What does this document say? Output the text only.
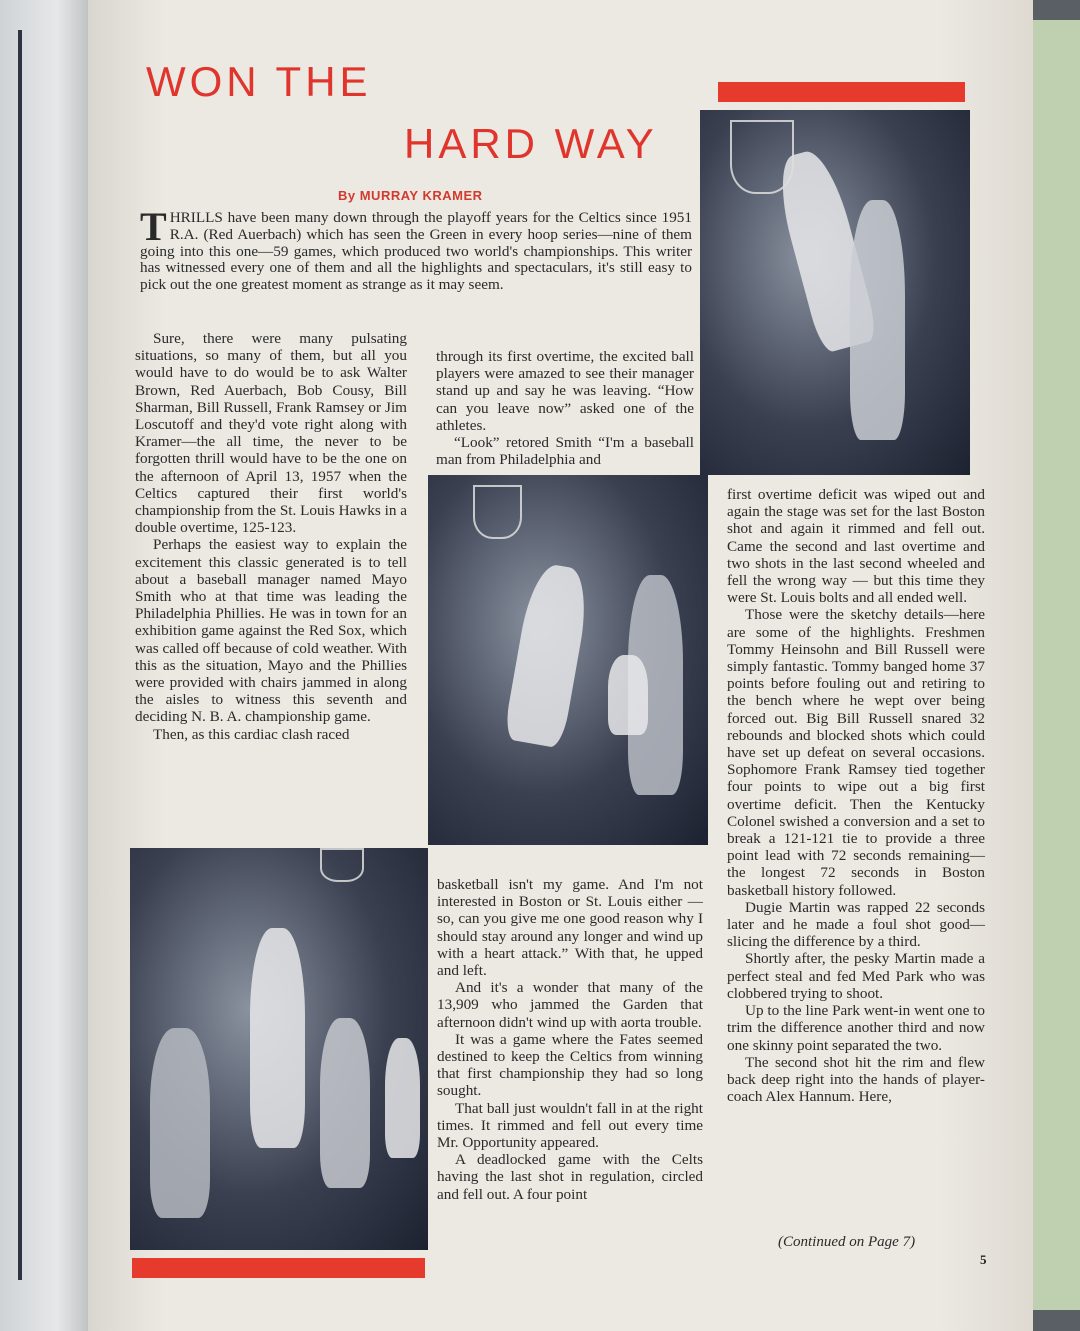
WON THE
HARD WAY
By MURRAY KRAMER
THRILLS have been many down through the playoff years for the Celtics since 1951 R.A. (Red Auerbach) which has seen the Green in every hoop series—nine of them going into this one—59 games, which produced two world's championships. This writer has witnessed every one of them and all the highlights and spectaculars, it's still easy to pick out the one greatest moment as strange as it may seem.

Sure, there were many pulsating situations, so many of them, but all you would have to do would be to ask Walter Brown, Red Auerbach, Bob Cousy, Bill Sharman, Bill Russell, Frank Ramsey or Jim Loscutoff and they'd vote right along with Kramer—the all time, the never to be forgotten thrill would have to be the one on the afternoon of April 13, 1957 when the Celtics captured their first world's championship from the St. Louis Hawks in a double overtime, 125-123.

Perhaps the easiest way to explain the excitement this classic generated is to tell about a baseball manager named Mayo Smith who at that time was leading the Philadelphia Phillies. He was in town for an exhibition game against the Red Sox, which was called off because of cold weather. With this as the situation, Mayo and the Phillies were provided with chairs jammed in along the aisles to witness this seventh and deciding N. B. A. championship game.

Then, as this cardiac clash raced

through its first overtime, the excited ball players were amazed to see their manager stand up and say he was leaving. “How can you leave now” asked one of the athletes.

“Look” retored Smith “I'm a baseball man from Philadelphia and

basketball isn't my game. And I'm not interested in Boston or St. Louis either — so, can you give me one good reason why I should stay around any longer and wind up with a heart attack.” With that, he upped and left.

And it's a wonder that many of the 13,909 who jammed the Garden that afternoon didn't wind up with aorta trouble.

It was a game where the Fates seemed destined to keep the Celtics from winning that first championship they had so long sought.

That ball just wouldn't fall in at the right times. It rimmed and fell out every time Mr. Opportunity appeared.

A deadlocked game with the Celts having the last shot in regulation, circled and fell out. A four point

first overtime deficit was wiped out and again the stage was set for the last Boston shot and again it rimmed and fell out. Came the second and last overtime and two shots in the last second wheeled and fell the wrong way — but this time they were St. Louis bolts and all ended well.

Those were the sketchy details—here are some of the highlights. Freshmen Tommy Heinsohn and Bill Russell were simply fantastic. Tommy banged home 37 points before fouling out and retiring to the bench where he wept over being forced out. Big Bill Russell snared 32 rebounds and blocked shots which could have set up defeat on several occasions. Sophomore Frank Ramsey tied together four points to wipe out a big first overtime deficit. Then the Kentucky Colonel swished a conversion and a set to break a 121-121 tie to provide a three point lead with 72 seconds remaining—the longest 72 seconds in Boston basketball history followed.

Dugie Martin was rapped 22 seconds later and he made a foul shot good—slicing the difference by a third.

Shortly after, the pesky Martin made a perfect steal and fed Med Park who was clobbered trying to shoot.

Up to the line Park went-in went one to trim the difference another third and now one skinny point separated the two.

The second shot hit the rim and flew back deep right into the hands of player-coach Alex Hannum. Here,

(Continued on Page 7)
5
